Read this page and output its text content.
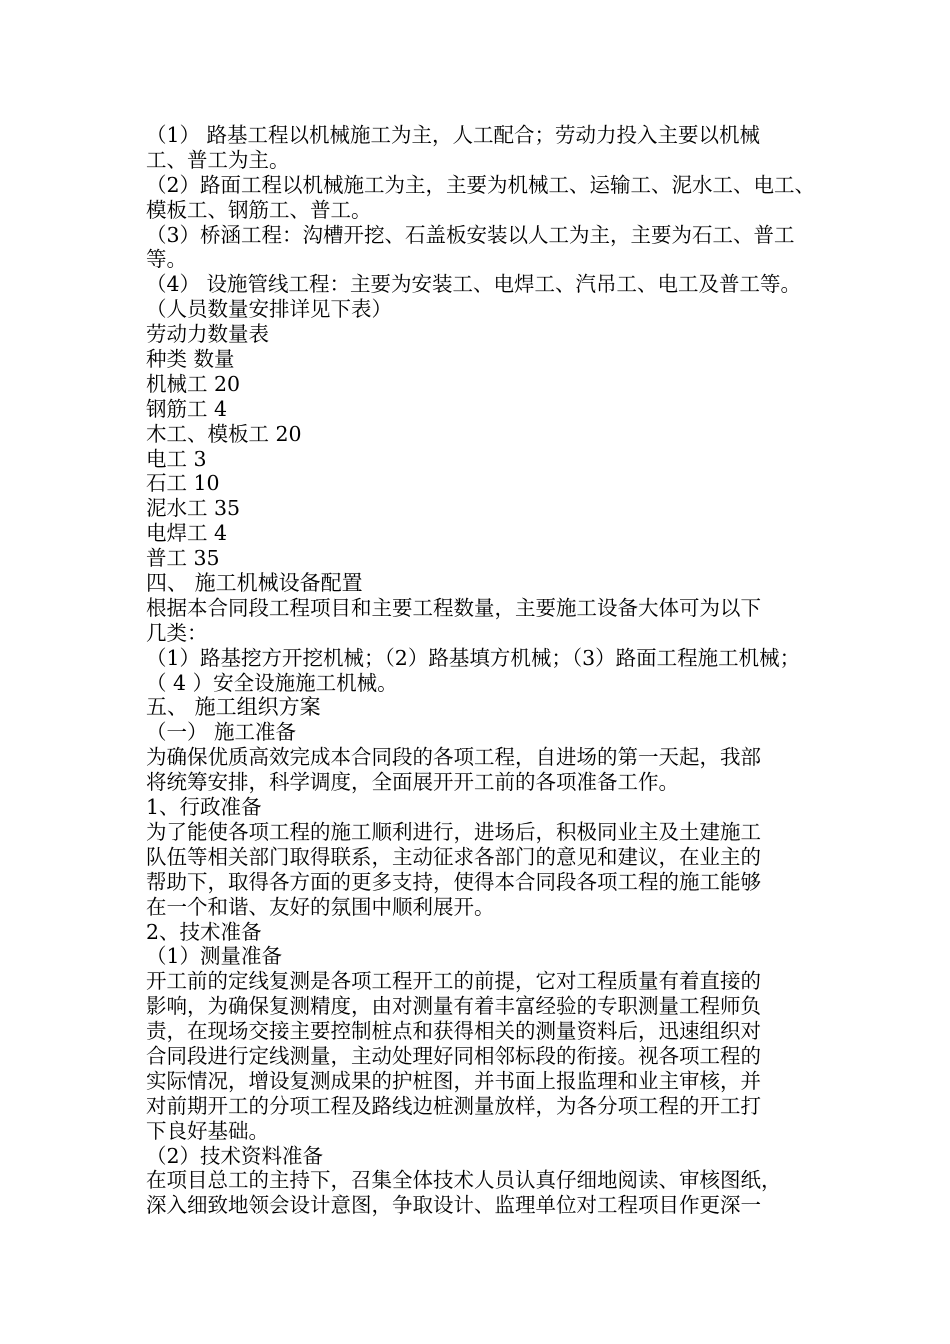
（1） 路基工程以机械施工为主，人工配合；劳动力投入主要以机械
工、普工为主。
（2）路面工程以机械施工为主，主要为机械工、运输工、泥水工、电工、
模板工、钢筋工、普工。
（3）桥涵工程：沟槽开挖、石盖板安装以人工为主，主要为石工、普工
等。
（4） 设施管线工程：主要为安装工、电焊工、汽吊工、电工及普工等。
（人员数量安排详见下表）
劳动力数量表
种类 数量
机械工 20
钢筋工 4
木工、模板工 20
电工 3
石工 10
泥水工 35
电焊工 4
普工 35
四、 施工机械设备配置
根据本合同段工程项目和主要工程数量，主要施工设备大体可为以下
几类：
（1）路基挖方开挖机械；（2）路基填方机械；（3）路面工程施工机械；
（ 4 ）安全设施施工机械。
五、 施工组织方案
（一） 施工准备
为确保优质高效完成本合同段的各项工程，自进场的第一天起，我部
将统筹安排，科学调度，全面展开开工前的各项准备工作。
1、行政准备
为了能使各项工程的施工顺利进行，进场后，积极同业主及土建施工
队伍等相关部门取得联系，主动征求各部门的意见和建议，在业主的
帮助下，取得各方面的更多支持，使得本合同段各项工程的施工能够
在一个和谐、友好的氛围中顺利展开。
2、技术准备
（1）测量准备
开工前的定线复测是各项工程开工的前提，它对工程质量有着直接的
影响，为确保复测精度，由对测量有着丰富经验的专职测量工程师负
责，在现场交接主要控制桩点和获得相关的测量资料后，迅速组织对
合同段进行定线测量，主动处理好同相邻标段的衔接。视各项工程的
实际情况，增设复测成果的护桩图，并书面上报监理和业主审核，并
对前期开工的分项工程及路线边桩测量放样，为各分项工程的开工打
下良好基础。
（2）技术资料准备
在项目总工的主持下，召集全体技术人员认真仔细地阅读、审核图纸，
深入细致地领会设计意图，争取设计、监理单位对工程项目作更深一
